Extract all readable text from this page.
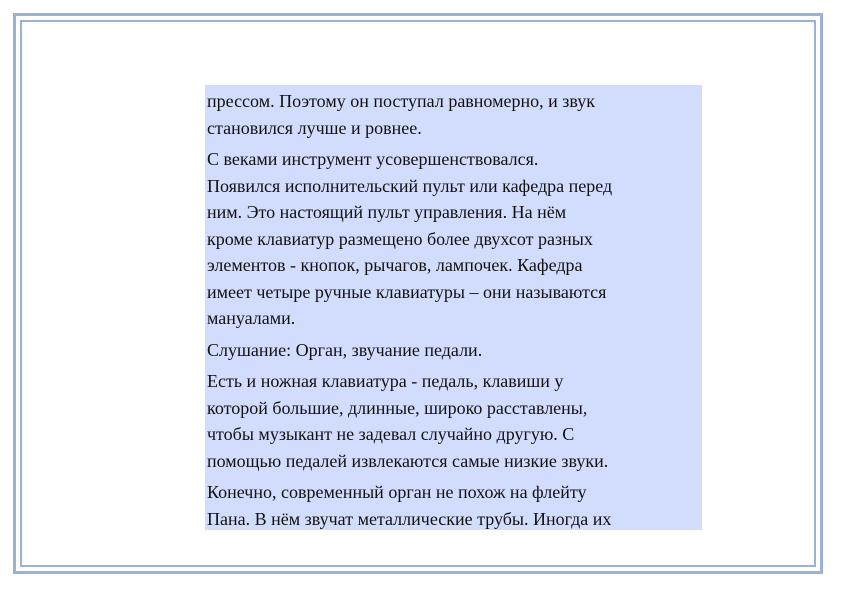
прессом. Поэтому он поступал равномерно, и звук
становился лучше и ровнее.

С веками инструмент усовершенствовался.
Появился исполнительский пульт или кафедра перед
ним. Это настоящий пульт управления. На нём
кроме клавиатур размещено более двухсот разных
элементов - кнопок, рычагов, лампочек. Кафедра
имеет четыре ручные клавиатуры – они называются
мануалами.

Слушание: Орган, звучание педали.

Есть и ножная клавиатура - педаль, клавиши у
которой большие, длинные, широко расставлены,
чтобы музыкант не задевал случайно другую. С
помощью педалей извлекаются самые низкие звуки.

Конечно, современный орган не похож на флейту
Пана. В нём звучат металлические трубы. Иногда их
